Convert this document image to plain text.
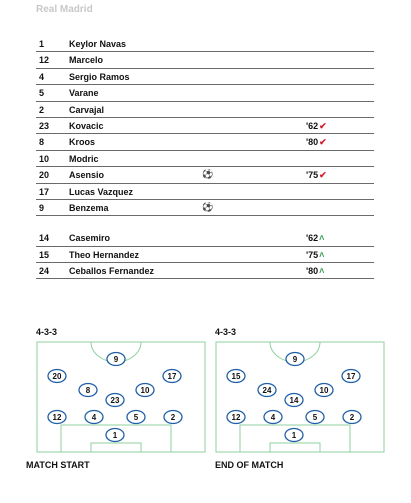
Real Madrid
1	Keylor Navas
12 Marcelo
4	Sergio Ramos
5	Varane
2	Carvajal
23 Kovacic	'62✔
8	Kroos	'80✔
10 Modric
20 Asensio	⚽	'75✔
17 Lucas Vazquez
9	Benzema	⚽
14 Casemiro	'62˄
15 Theo Hernandez	'75˄
24 Ceballos Fernandez	'80˄
4-3-3
9
20	17
8	10
23
12	4	5	2
1
MATCH START
4-3-3
9
15	17
24	10
14
12	4	5	2
1
END OF MATCH
